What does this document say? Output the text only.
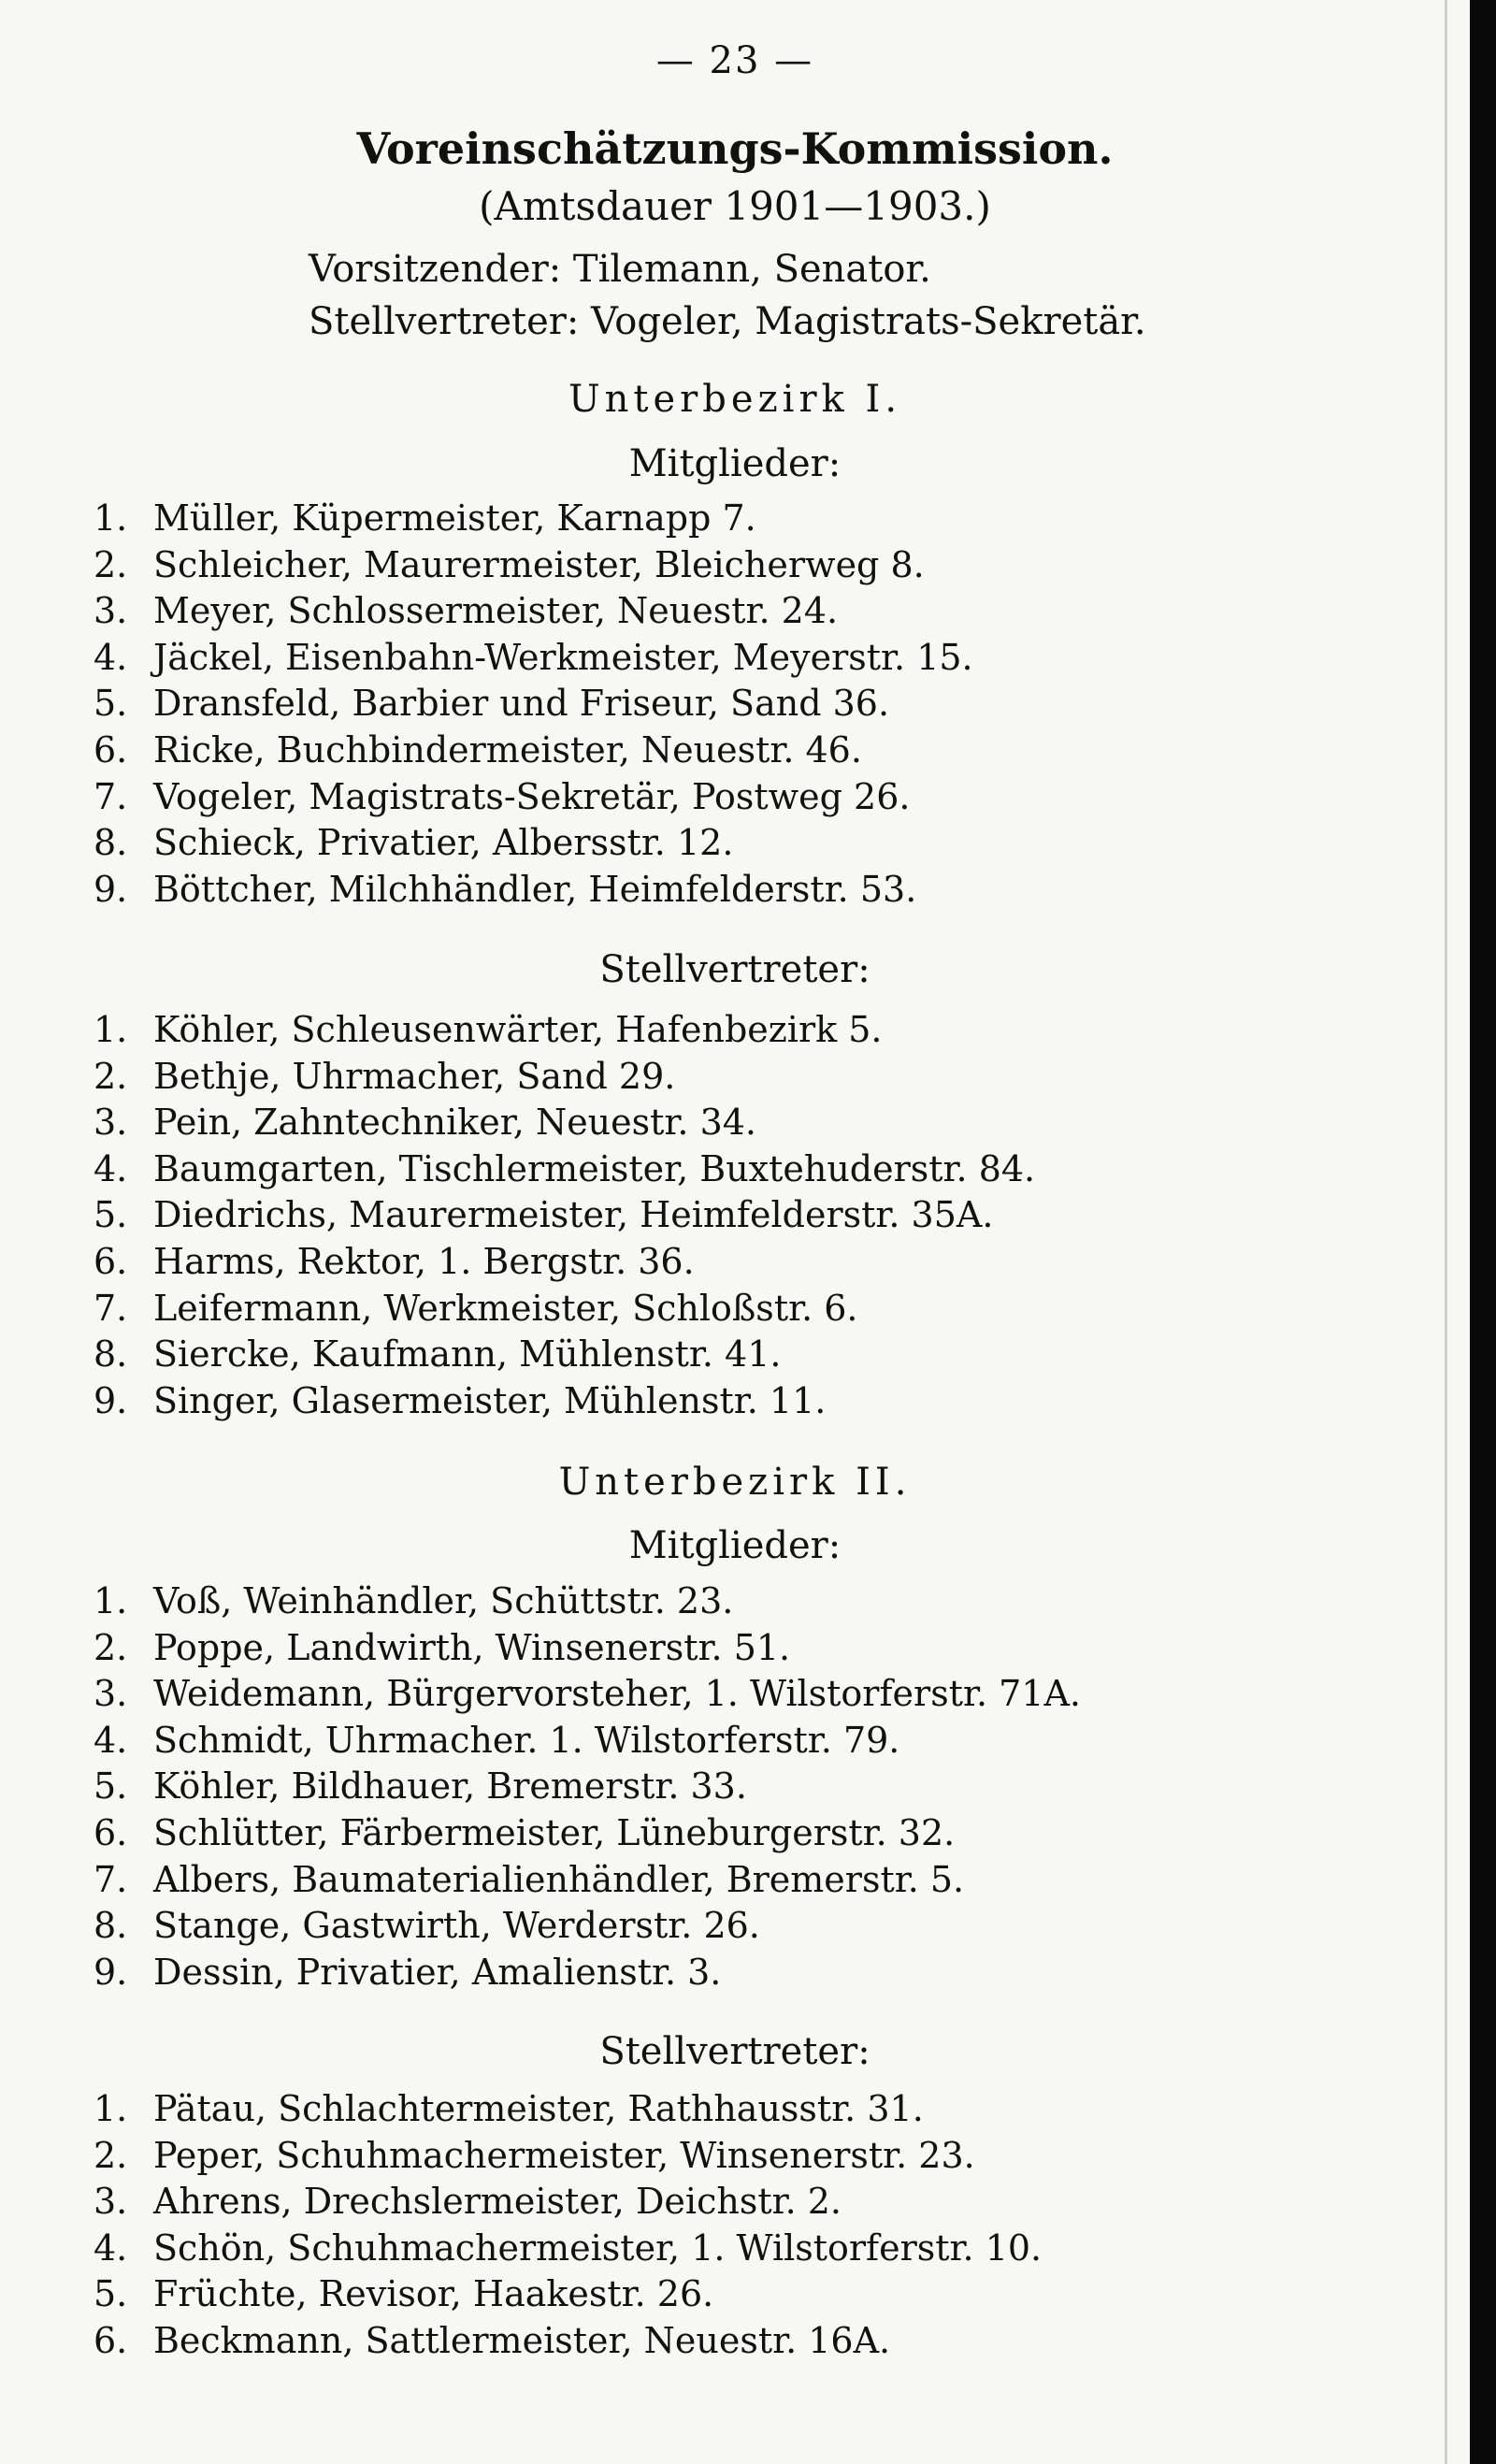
— 23 —
Voreinschätzungs-Kommission.
(Amtsdauer 1901—1903.)
Vorsitzender: Tilemann, Senator.
Stellvertreter: Vogeler, Magistrats-Sekretär.
Unterbezirk I.
Mitglieder:
1. Müller, Küpermeister, Karnapp 7.
2. Schleicher, Maurermeister, Bleicherweg 8.
3. Meyer, Schlossermeister, Neuestr. 24.
4. Jäckel, Eisenbahn-Werkmeister, Meyerstr. 15.
5. Dransfeld, Barbier und Friseur, Sand 36.
6. Ricke, Buchbindermeister, Neuestr. 46.
7. Vogeler, Magistrats-Sekretär, Postweg 26.
8. Schieck, Privatier, Albersstr. 12.
9. Böttcher, Milchhändler, Heimfelderstr. 53.
Stellvertreter:
1. Köhler, Schleusenwärter, Hafenbezirk 5.
2. Bethje, Uhrmacher, Sand 29.
3. Pein, Zahntechniker, Neuestr. 34.
4. Baumgarten, Tischlermeister, Buxtehuderstr. 84.
5. Diedrichs, Maurermeister, Heimfelderstr. 35A.
6. Harms, Rektor, 1. Bergstr. 36.
7. Leifermann, Werkmeister, Schloßstr. 6.
8. Siercke, Kaufmann, Mühlenstr. 41.
9. Singer, Glasermeister, Mühlenstr. 11.
Unterbezirk II.
Mitglieder:
1. Voß, Weinhändler, Schüttstr. 23.
2. Poppe, Landwirth, Winsenerstr. 51.
3. Weidemann, Bürgervorsteher, 1. Wilstorferstr. 71A.
4. Schmidt, Uhrmacher. 1. Wilstorferstr. 79.
5. Köhler, Bildhauer, Bremerstr. 33.
6. Schlütter, Färbermeister, Lüneburgerstr. 32.
7. Albers, Baumaterialienhändler, Bremerstr. 5.
8. Stange, Gastwirth, Werderstr. 26.
9. Dessin, Privatier, Amalienstr. 3.
Stellvertreter:
1. Pätau, Schlachtermeister, Rathhausstr. 31.
2. Peper, Schuhmachermeister, Winsenerstr. 23.
3. Ahrens, Drechslermeister, Deichstr. 2.
4. Schön, Schuhmachermeister, 1. Wilstorferstr. 10.
5. Früchte, Revisor, Haakestr. 26.
6. Beckmann, Sattlermeister, Neuestr. 16A.
